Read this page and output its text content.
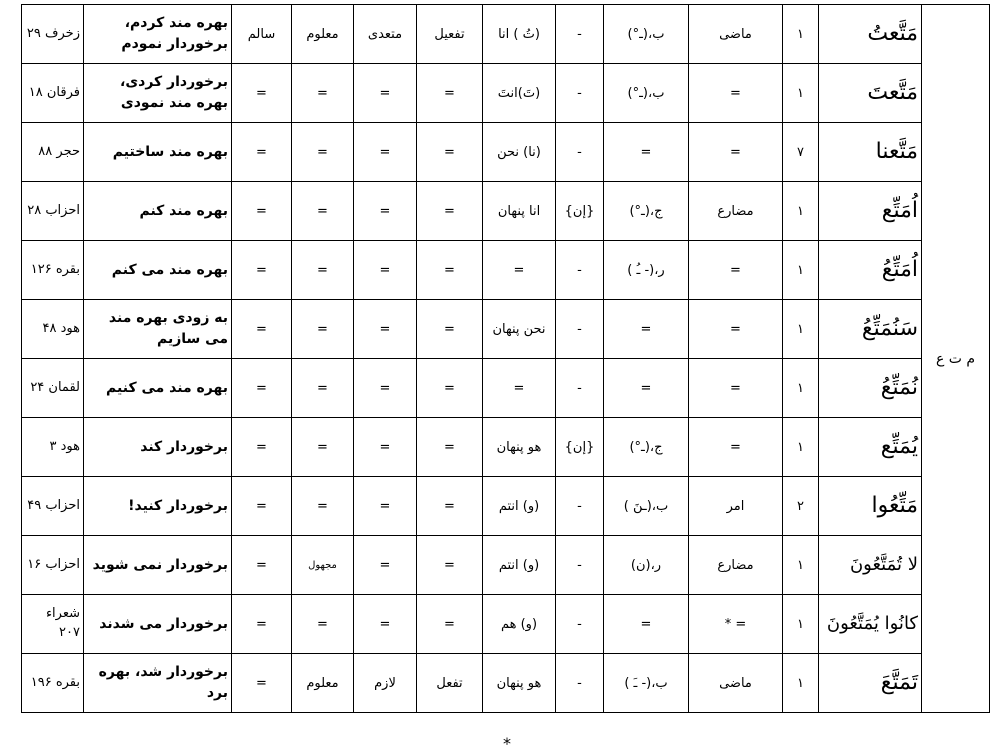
زخرف ۲۹	بهره مند کردم، برخوردار نمودم	سالم	معلوم	متعدی	تفعیل	(تُ ) انا	-	ب،(ـ°)	ماضی	١	مَتَّعتُ	م ت ع
فرقان ۱۸	برخوردار کردی، بهره مند نمودی	=	=	=	=	(تَ)انتَ	-	ب،(ـ°)	=	١	مَتَّعتَ	
حجر ۸۸	بهره مند ساختیم	=	=	=	=	(نا) نحن	-	=	=	٧	مَتَّعنا	
احزاب ۲۸	بهره مند کنم	=	=	=	=	انا پنهان	{إن}	ج،(ـ°)	مضارع	١	اُمَتِّع	
بقره ۱۲۶	بهره مند می کنم	=	=	=	=	=	-	ر،(- ـُ )	=	١	اُمَتِّعُ	
هود ۴۸	به زودی بهره مند می سازیم	=	=	=	=	نحن پنهان	-	=	=	١	سَنُمَتِّعُ	
لقمان ۲۴	بهره مند می کنیم	=	=	=	=	=	-	=	=	١	نُمَتِّعُ	
هود ۳	برخوردار کند	=	=	=	=	هو پنهان	{إن}	ج،(ـ°)	=	١	يُمَتِّع	
احزاب ۴۹	برخوردار کنید!	=	=	=	=	(و) انتم	-	ب،(ـنَ )	امر	٢	مَتِّعُوا	
احزاب ۱۶	برخوردار نمی شوید	=	مجهول	=	=	(و) انتم	-	ر،(ن)	مضارع	١	لا تُمَتَّعُونَ	
شعراء ۲۰۷	برخوردار می شدند	=	=	=	=	(و) هم	-	=	= *	١	كانُوا يُمَتَّعُونَ	
بقره ۱۹۶	برخوردار شد، بهره برد	=	معلوم	لازم	تفعل	هو پنهان	-	ب،(- ـَ )	ماضی	١	تَمَتَّعَ	
*
